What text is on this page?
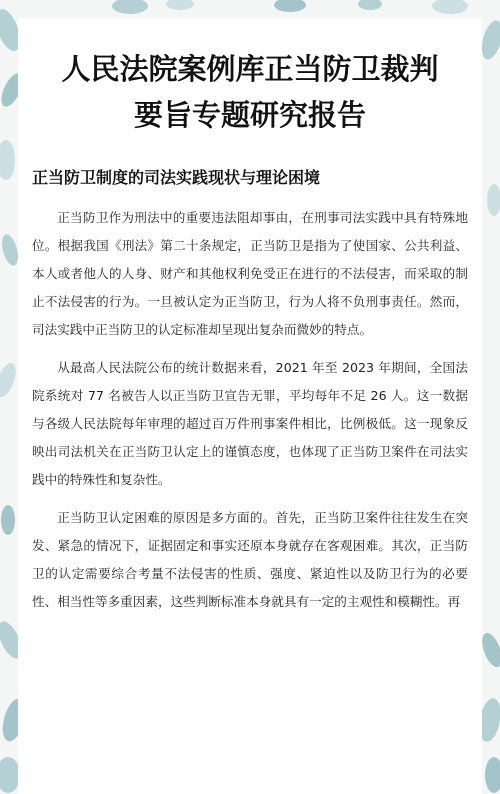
人民法院案例库正当防卫裁判
要旨专题研究报告
正当防卫制度的司法实践现状与理论困境

正当防卫作为刑法中的重要违法阻却事由，在刑事司法实践中具有特殊地位。根据我国《刑法》第二十条规定，正当防卫是指为了使国家、公共利益、本人或者他人的人身、财产和其他权利免受正在进行的不法侵害，而采取的制止不法侵害的行为。一旦被认定为正当防卫，行为人将不负刑事责任。然而，司法实践中正当防卫的认定标准却呈现出复杂而微妙的特点。

从最高人民法院公布的统计数据来看，2021 年至 2023 年期间，全国法院系统对 77 名被告人以正当防卫宣告无罪，平均每年不足 26 人。这一数据与各级人民法院每年审理的超过百万件刑事案件相比，比例极低。这一现象反映出司法机关在正当防卫认定上的谨慎态度，也体现了正当防卫案件在司法实践中的特殊性和复杂性。

正当防卫认定困难的原因是多方面的。首先，正当防卫案件往往发生在突发、紧急的情况下，证据固定和事实还原本身就存在客观困难。其次，正当防卫的认定需要综合考量不法侵害的性质、强度、紧迫性以及防卫行为的必要性、相当性等多重因素，这些判断标准本身就具有一定的主观性和模糊性。再
